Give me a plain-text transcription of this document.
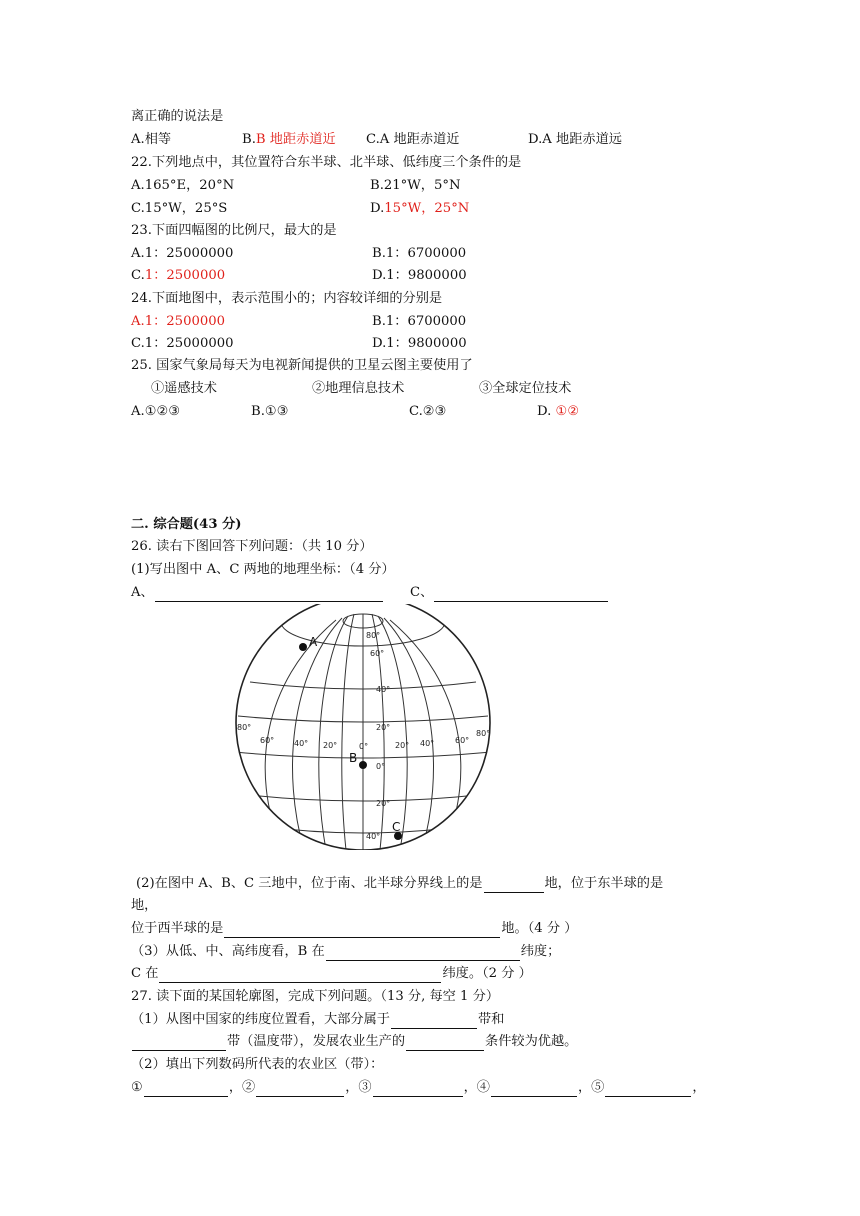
离正确的说法是
A.相等	B.B 地距赤道近 C.A 地距赤道近	D.A 地距赤道远
22.下列地点中，其位置符合东半球、北半球、低纬度三个条件的是
A.165°E，20°N	B.21°W，5°N
C.15°W，25°S	D.15°W，25°N
23.下面四幅图的比例尺，最大的是
A.1：25000000	B.1：6700000
C.1：2500000	D.1：9800000
24.下面地图中，表示范围小的；内容较详细的分别是
A.1：2500000	B.1：6700000
C.1：25000000	D.1：9800000
25. 国家气象局每天为电视新闻提供的卫星云图主要使用了
①遥感技术	②地理信息技术	③全球定位技术
A.①②③	B.①③	C.②③	D. ①②
二. 综合题(43 分)
26. 读右下图回答下列问题：（共 10 分）
(1)写出图中 A、C 两地的地理坐标：（4 分）
A、	C、
A
B
C
80°
60°
40°
20°
0°
20°
40°
80°
60° 40° 20°	0°	20° 40°	60°
80°
(2)在图中 A、B、C 三地中，位于南、北半球分界线上的是	地，位于东半球的是
地，
位于西半球的是	地。（4 分 ）
（3）从低、中、高纬度看，B 在	纬度；
C 在	纬度。（2 分 ）
27. 读下面的某国轮廓图，完成下列问题。（13 分, 每空 1 分）
（1）从图中国家的纬度位置看，大部分属于	带和
带（温度带），发展农业生产的	条件较为优越。
（2）填出下列数码所代表的农业区（带）：
①	，②	，③	，④	，⑤	，
